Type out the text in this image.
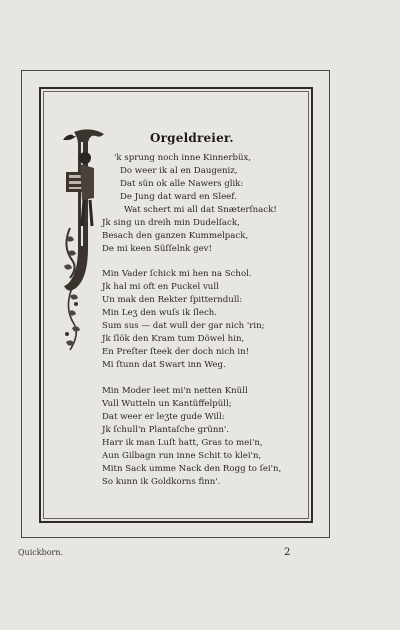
Orgeldreier.
'k sprung noch inne Kinnerbüx,
Do weer ik al en Daugeniz,
Dat sün ok alle Nawers glik:
De Jung dat ward en Sleef.
Wat schert mi all dat Snæterſnack!
Jk sing un dreih min Dudelſack,
Besach den ganzen Kummelpack,
De mi keen Süſſelnk gev!
Min Vader ſchick mi hen na Schol.
Jk hal mi oft en Puckel vull
Un mak den Rekter ſpitterndull:
Min Leʒ den wuſs ik ſlech.
Sum sus — dat wull der gar nich 'rin;
Jk ſlök den Kram tum Döwel hin,
En Preſter ſteek der doch nich in!
Mi ſtunn dat Swart inn Weg.
Min Moder leet mi'n netten Knüll
Vull Wutteln un Kantüffelpüll;
Dat weer er leʒte gude Will:
Jk ſchull'n Plantaſche grünn'.
Harr ik man Luſt hatt, Gras to mei'n,
Aun Gilbagn run inne Schit to klei'n,
Mitn Sack umme Nack den Rogg to ſei'n,
So kunn ik Goldkorns finn'.
Quickborn.	2
